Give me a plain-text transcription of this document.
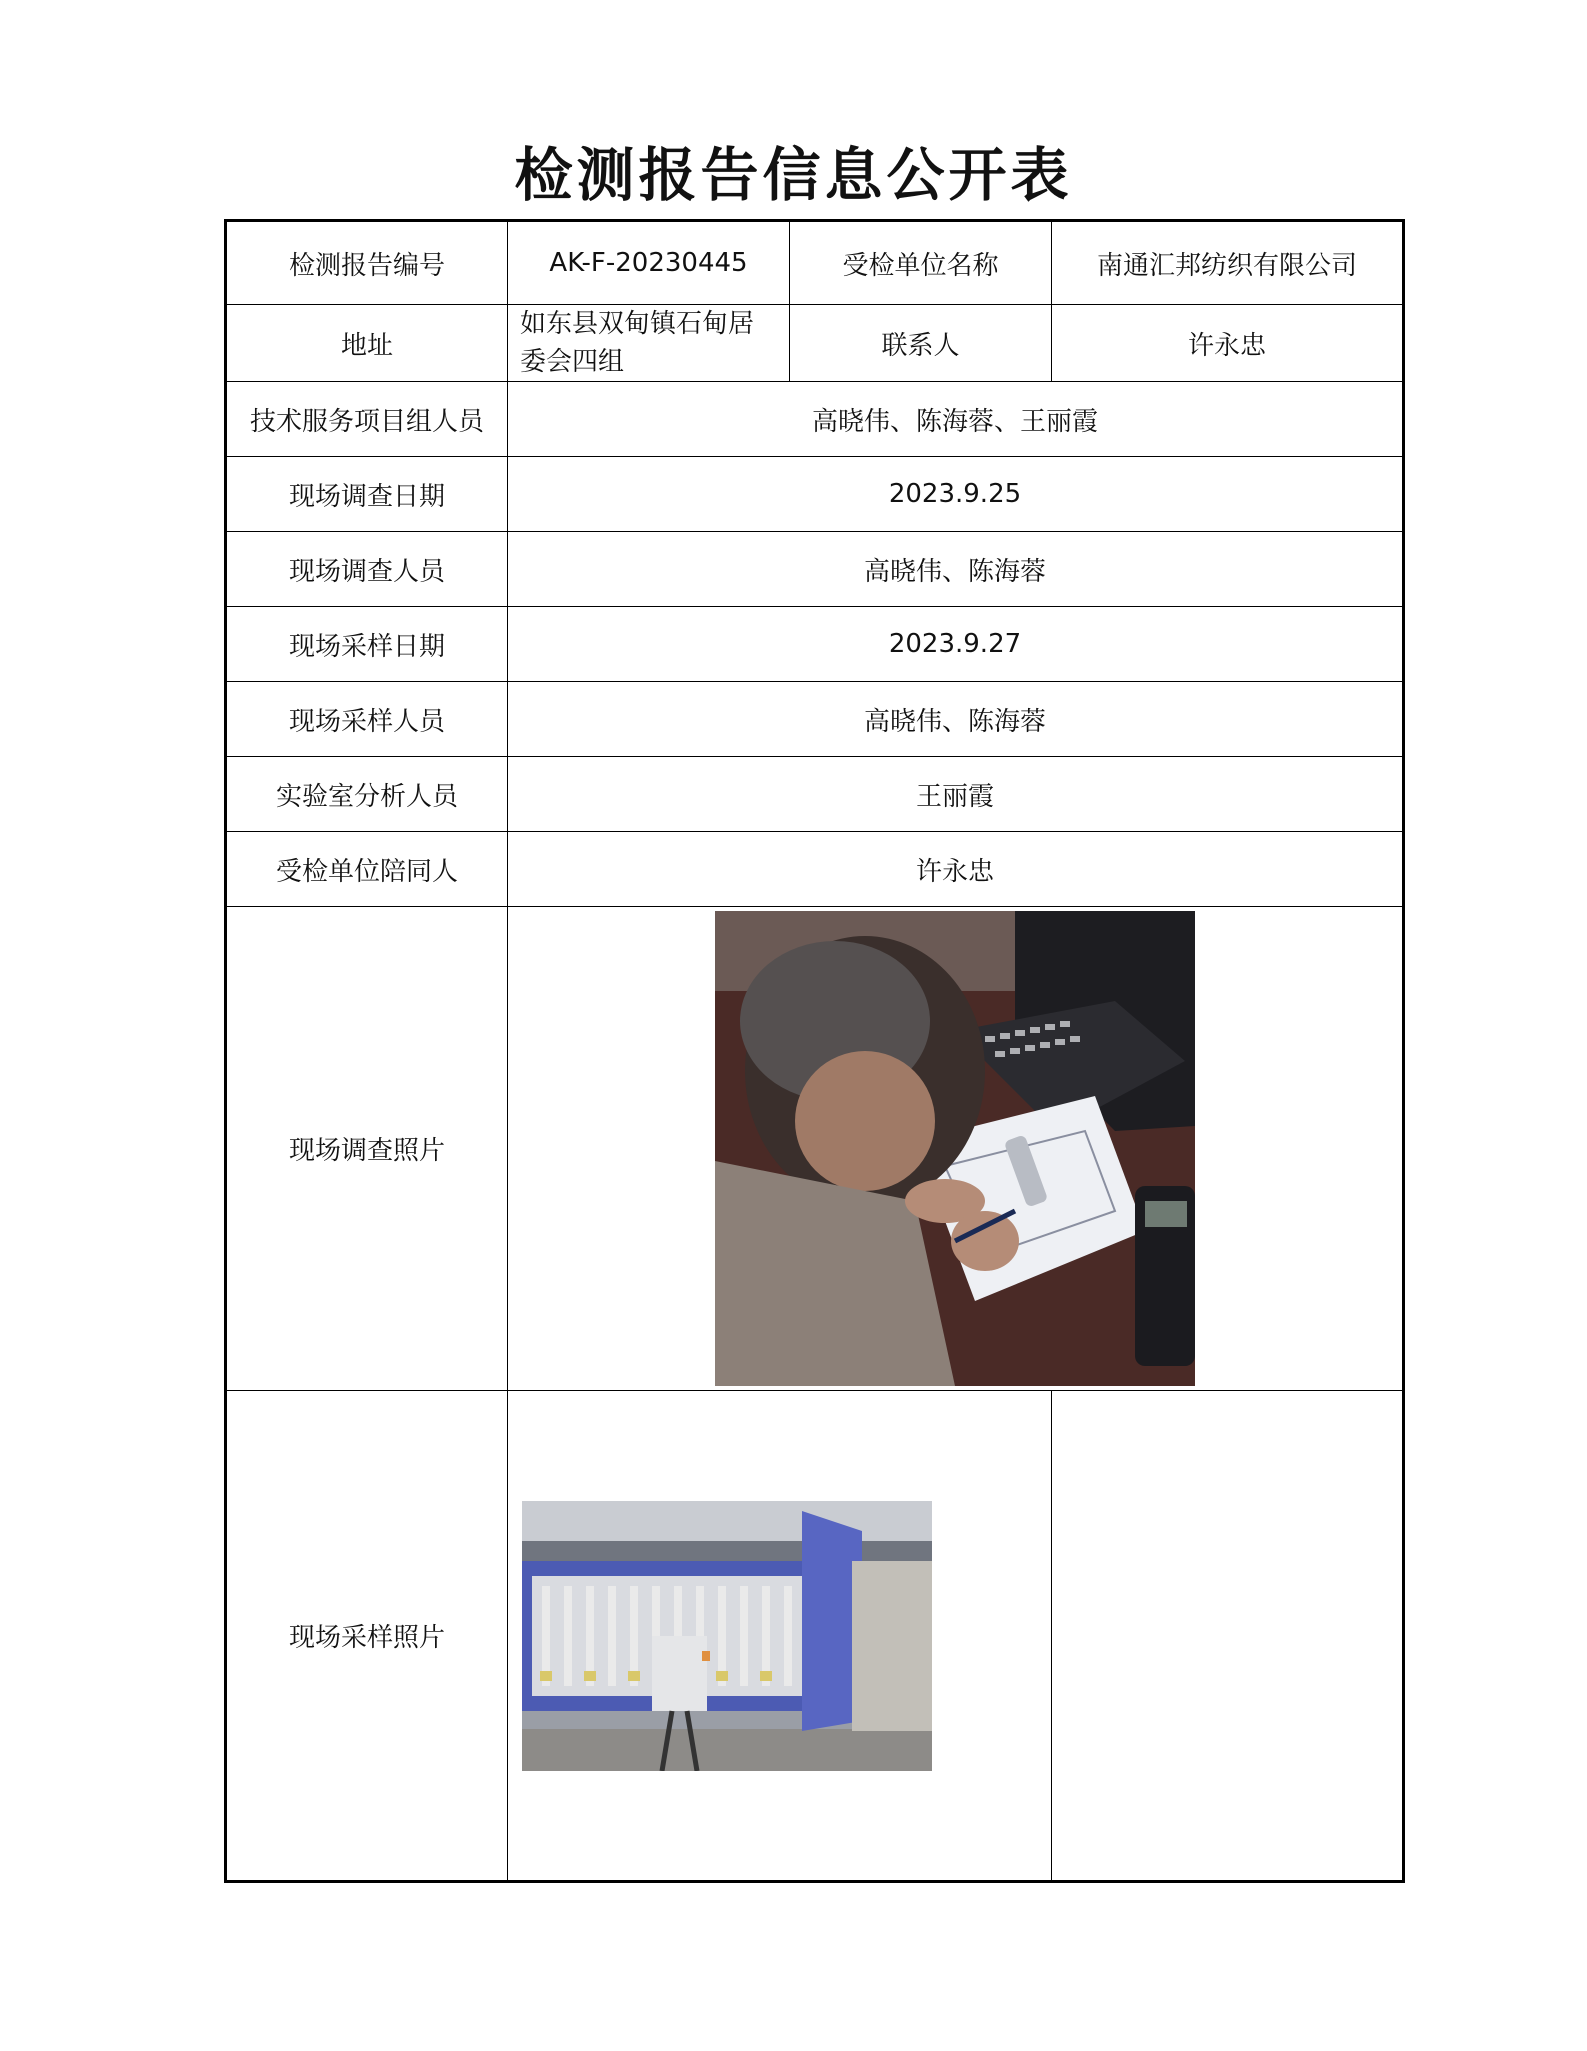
检测报告信息公开表
检测报告编号	AK-F-20230445	受检单位名称	南通汇邦纺织有限公司
地址	如东县双甸镇石甸居委会四组	联系人	许永忠
技术服务项目组人员	高晓伟、陈海蓉、王丽霞		
现场调查日期	2023.9.25		
现场调查人员	高晓伟、陈海蓉		
现场采样日期	2023.9.27		
现场采样人员	高晓伟、陈海蓉		
实验室分析人员	王丽霞		
受检单位陪同人	许永忠		
现场调查照片	

现场采样照片	
